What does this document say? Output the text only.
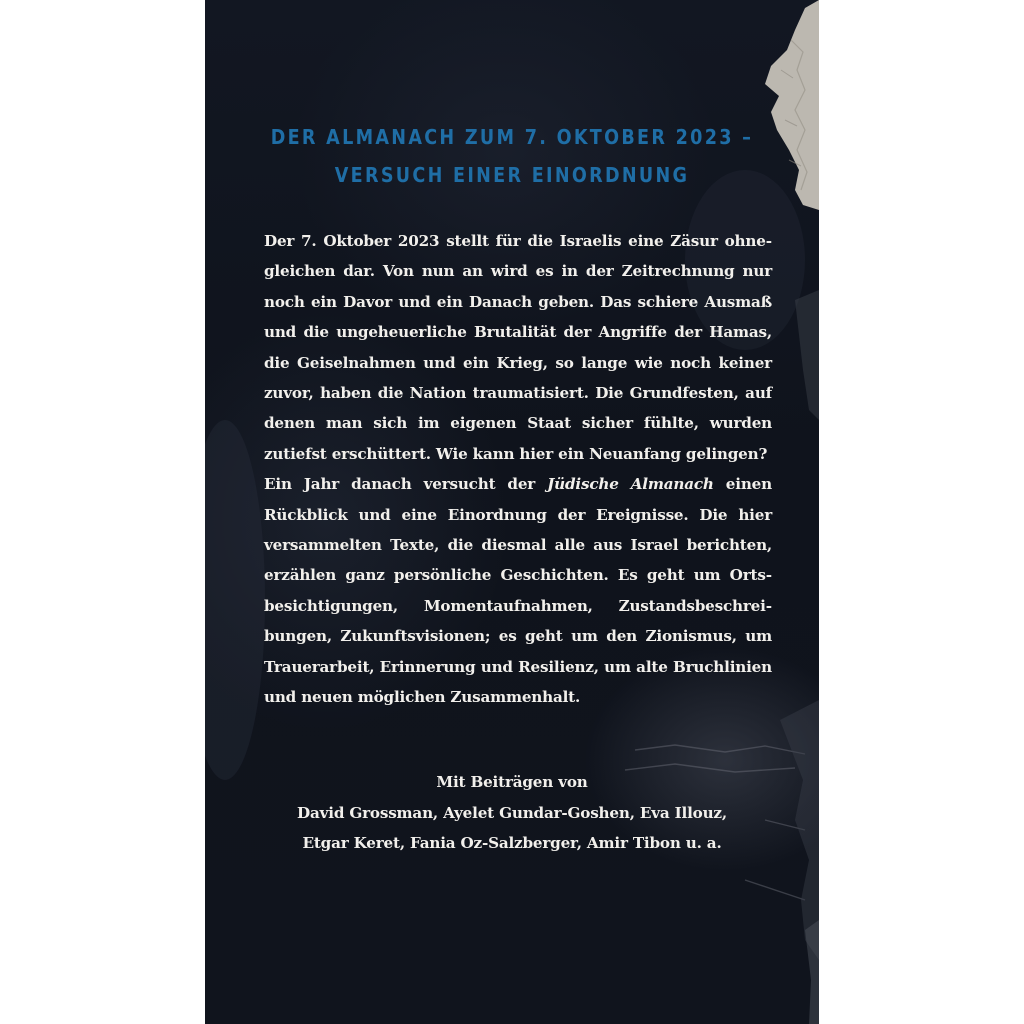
DER ALMANACH ZUM 7. OKTOBER 2023 –
VERSUCH EINER EINORDNUNG

Der 7. Oktober 2023 stellt für die Israelis eine Zäsur ohnegleichen dar. Von nun an wird es in der Zeitrechnung nur noch ein Davor und ein Danach geben. Das schiere Ausmaß und die ungeheuerliche Brutalität der Angriffe der Hamas, die Geiselnahmen und ein Krieg, so lange wie noch keiner zuvor, haben die Nation traumatisiert. Die Grundfesten, auf denen man sich im eigenen Staat sicher fühlte, wurden zutiefst erschüttert. Wie kann hier ein Neuanfang gelingen?

Ein Jahr danach versucht der Jüdische Almanach einen Rückblick und eine Einordnung der Ereignisse. Die hier versammelten Texte, die diesmal alle aus Israel berichten, erzählen ganz persönliche Geschichten. Es geht um Ortsbesichtigungen, Momentaufnahmen, Zustandsbeschreibungen, Zukunftsvisionen; es geht um den Zionismus, um Trauerarbeit, Erinnerung und Resilienz, um alte Bruchlinien und neuen möglichen Zusammenhalt.

Mit Beiträgen von
David Grossman, Ayelet Gundar-Goshen, Eva Illouz,
Etgar Keret, Fania Oz-Salzberger, Amir Tibon u. a.
